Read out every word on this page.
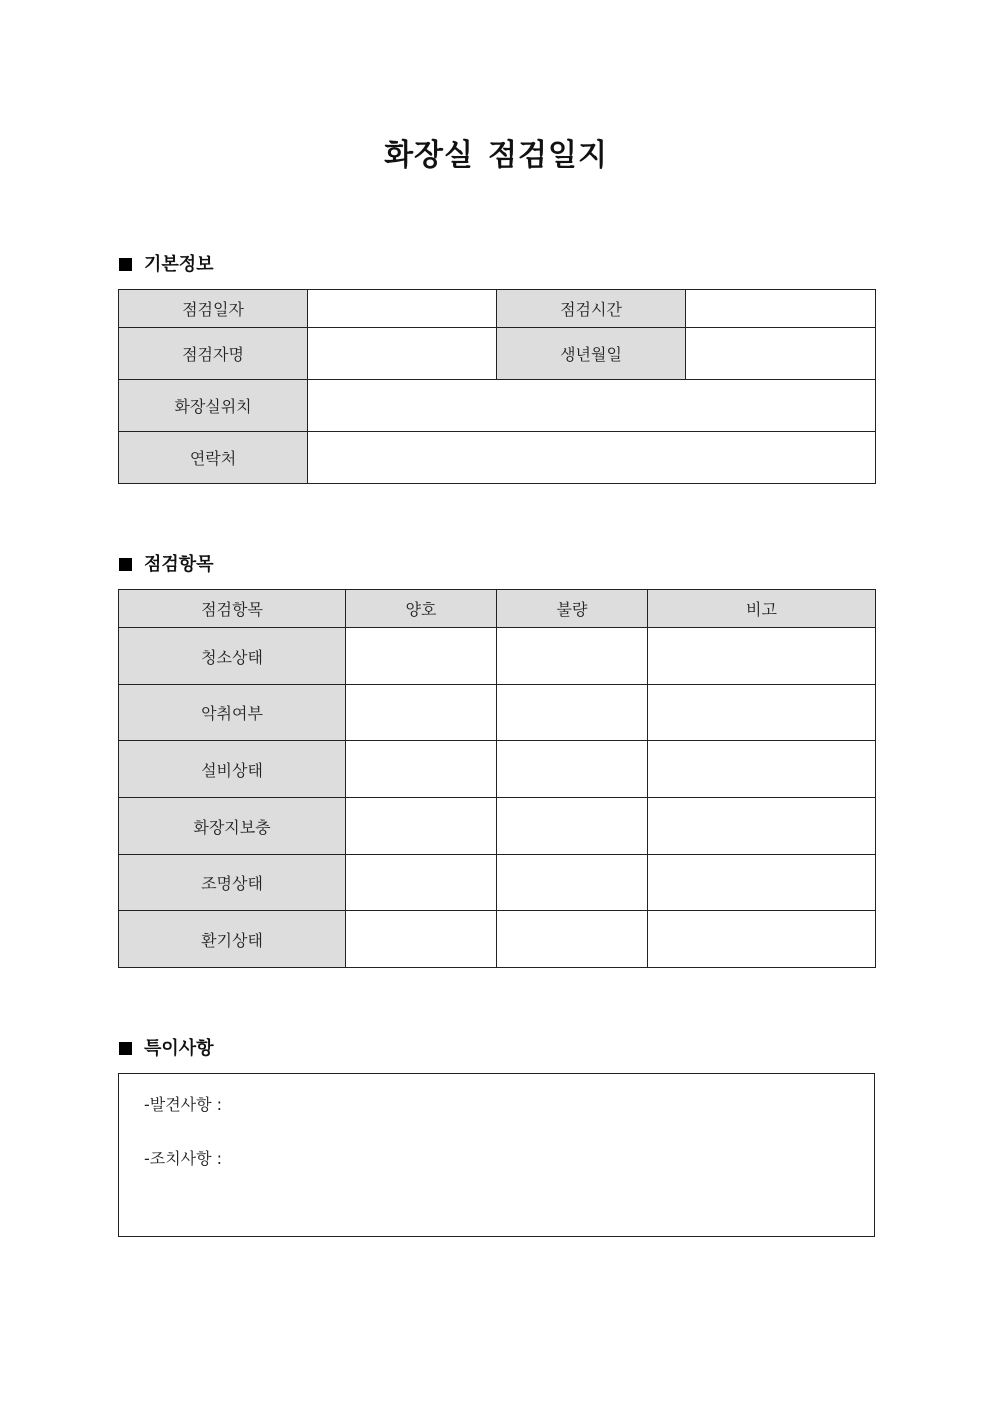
화장실 점검일지
기본정보
점검일자		점검시간	
점검자명		생년월일	
화장실위치			
연락처			
점검항목
점검항목	양호	불량	비고
청소상태			
악취여부			
설비상태			
화장지보충			
조명상태			
환기상태			
특이사항
-발견사항 :
-조치사항 :
